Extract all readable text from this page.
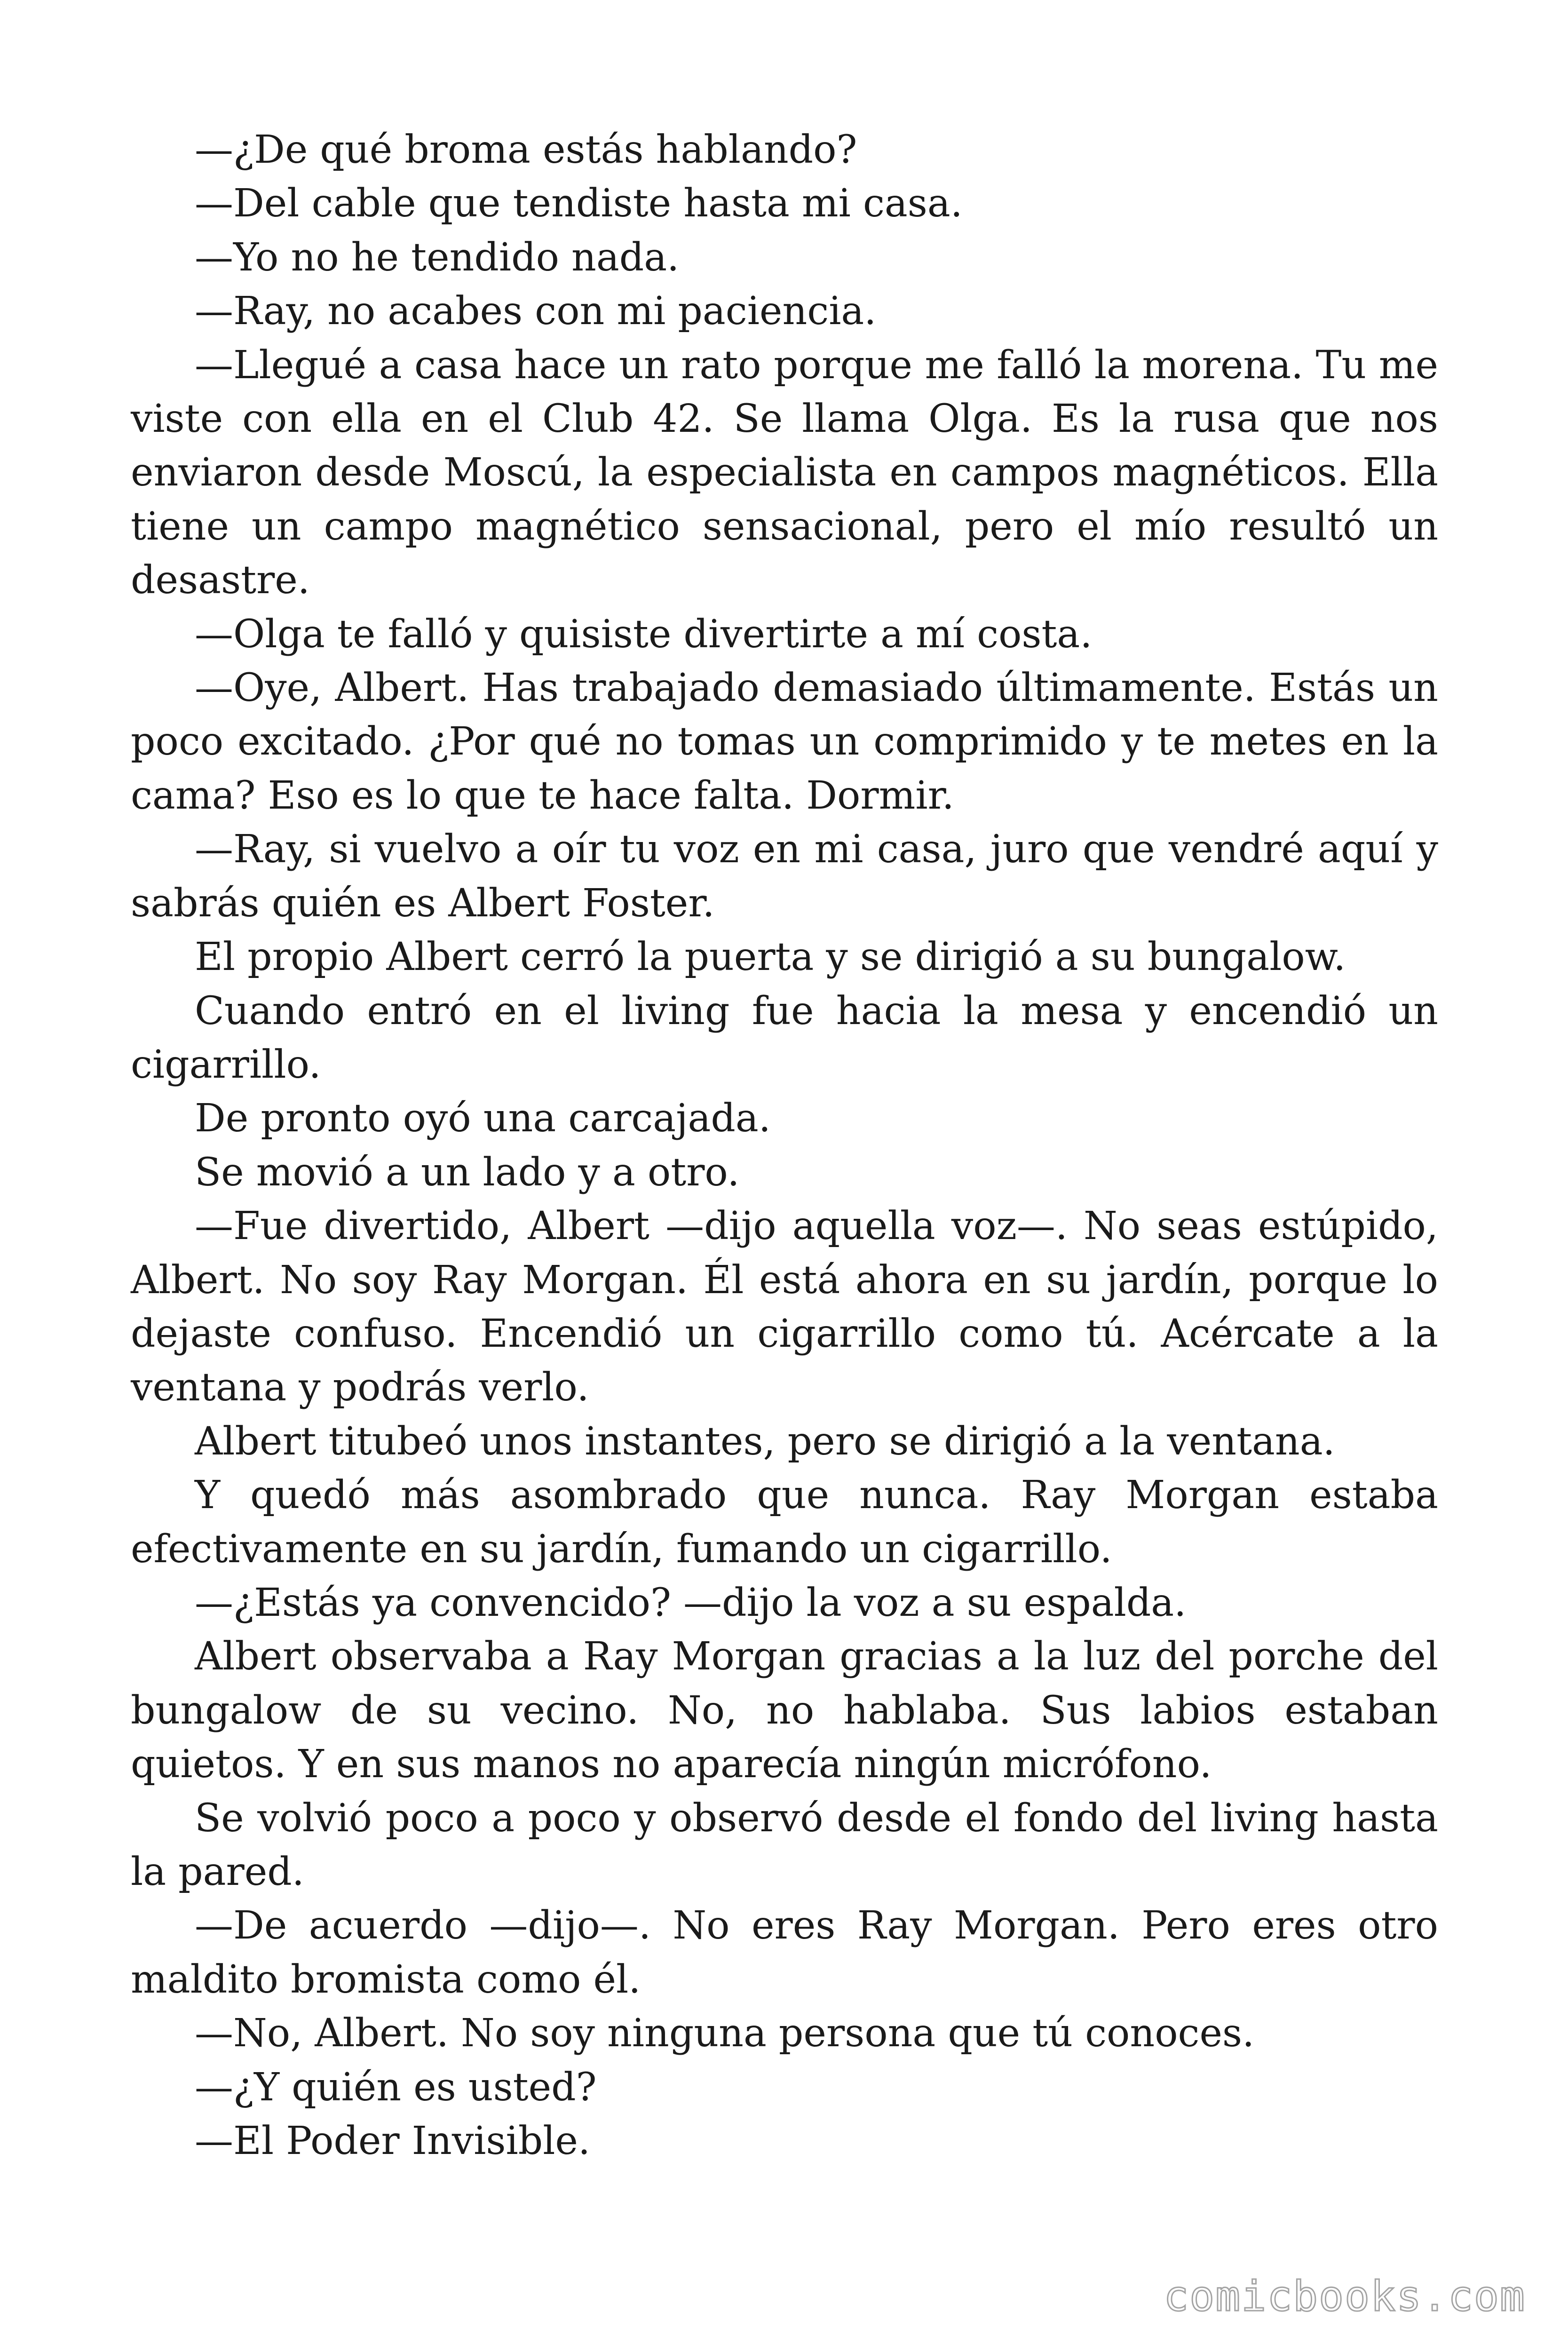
—¿De qué broma estás hablando?

—Del cable que tendiste hasta mi casa.

—Yo no he tendido nada.

—Ray, no acabes con mi paciencia.

—Llegué a casa hace un rato porque me falló la morena. Tu me viste con ella en el Club 42. Se llama Olga. Es la rusa que nos enviaron desde Moscú, la especialista en campos magnéticos. Ella tiene un campo magnético sensacional, pero el mío resultó un desastre.

—Olga te falló y quisiste divertirte a mí costa.

—Oye, Albert. Has trabajado demasiado últimamente. Estás un poco excitado. ¿Por qué no tomas un comprimido y te metes en la cama? Eso es lo que te hace falta. Dormir.

—Ray, si vuelvo a oír tu voz en mi casa, juro que vendré aquí y sabrás quién es Albert Foster.

El propio Albert cerró la puerta y se dirigió a su bungalow.

Cuando entró en el living fue hacia la mesa y encendió un cigarrillo.

De pronto oyó una carcajada.

Se movió a un lado y a otro.

—Fue divertido, Albert —dijo aquella voz—. No seas estúpido, Albert. No soy Ray Morgan. Él está ahora en su jardín, porque lo dejaste confuso. Encendió un cigarrillo como tú. Acércate a la ventana y podrás verlo.

Albert titubeó unos instantes, pero se dirigió a la ventana.

Y quedó más asombrado que nunca. Ray Morgan estaba efectivamente en su jardín, fumando un cigarrillo.

—¿Estás ya convencido? —dijo la voz a su espalda.

Albert observaba a Ray Morgan gracias a la luz del porche del bungalow de su vecino. No, no hablaba. Sus labios estaban quietos. Y en sus manos no aparecía ningún micrófono.

Se volvió poco a poco y observó desde el fondo del living hasta la pared.

—De acuerdo —dijo—. No eres Ray Morgan. Pero eres otro maldito bromista como él.

—No, Albert. No soy ninguna persona que tú conoces.

—¿Y quién es usted?

—El Poder Invisible.

comicbooks.com
